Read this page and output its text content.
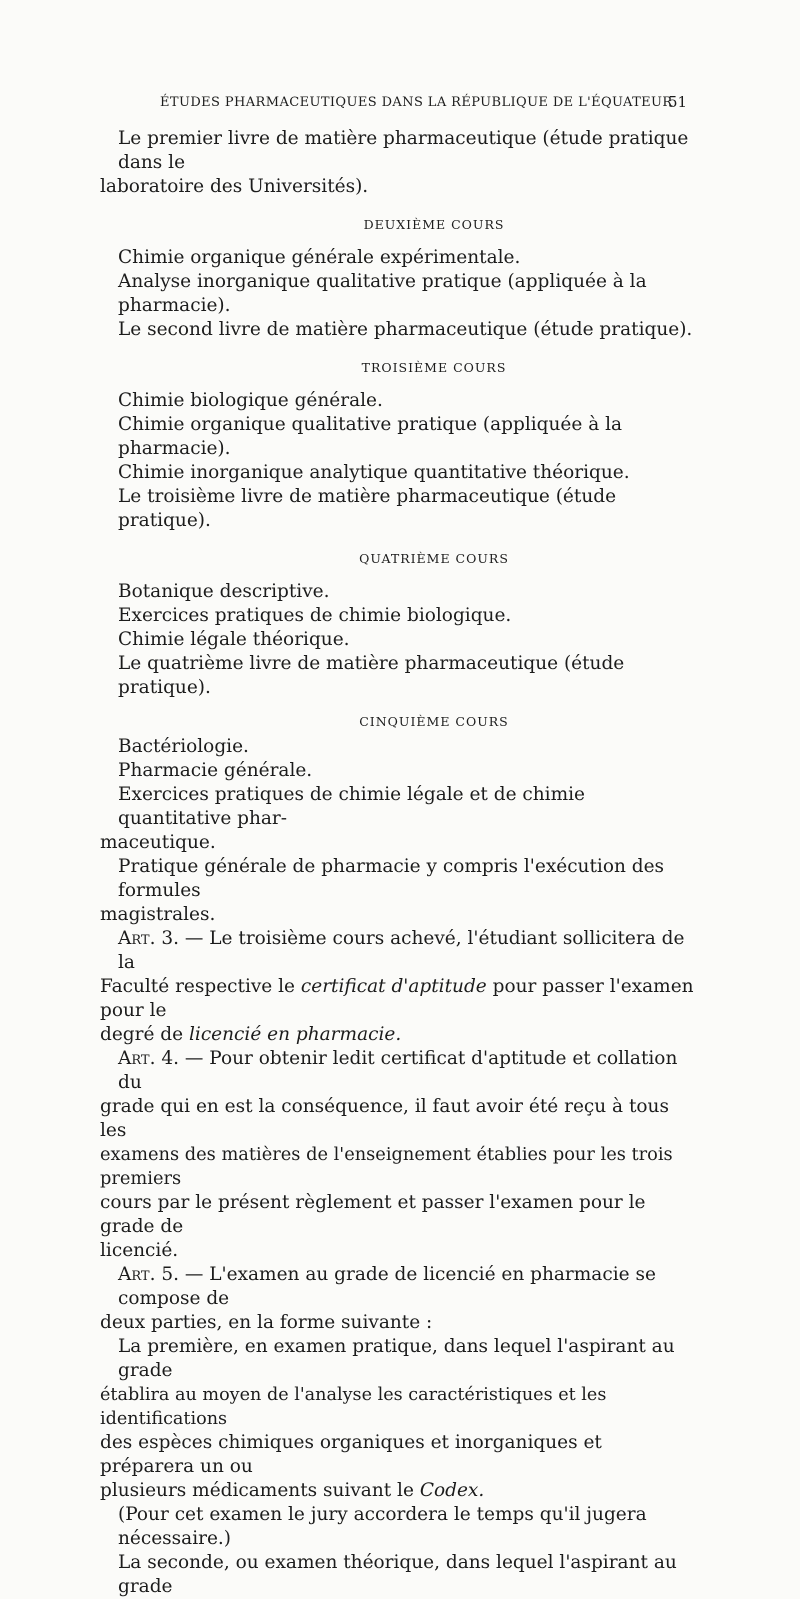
ÉTUDES PHARMACEUTIQUES DANS LA RÉPUBLIQUE DE L'ÉQUATEUR
51

Le premier livre de matière pharmaceutique (étude pratique dans le

laboratoire des Universités).

DEUXIÈME COURS

Chimie organique générale expérimentale.

Analyse inorganique qualitative pratique (appliquée à la pharmacie).

Le second livre de matière pharmaceutique (étude pratique).

TROISIÈME COURS

Chimie biologique générale.

Chimie organique qualitative pratique (appliquée à la pharmacie).

Chimie inorganique analytique quantitative théorique.

Le troisième livre de matière pharmaceutique (étude pratique).

QUATRIÈME COURS

Botanique descriptive.

Exercices pratiques de chimie biologique.

Chimie légale théorique.

Le quatrième livre de matière pharmaceutique (étude pratique).

CINQUIÈME COURS

Bactériologie.

Pharmacie générale.

Exercices pratiques de chimie légale et de chimie quantitative phar-

maceutique.

Pratique générale de pharmacie y compris l'exécution des formules

magistrales.

Art. 3. — Le troisième cours achevé, l'étudiant sollicitera de la

Faculté respective le certificat d'aptitude pour passer l'examen pour le

degré de licencié en pharmacie.

Art. 4. — Pour obtenir ledit certificat d'aptitude et collation du

grade qui en est la conséquence, il faut avoir été reçu à tous les

examens des matières de l'enseignement établies pour les trois premiers

cours par le présent règlement et passer l'examen pour le grade de

licencié.

Art. 5. — L'examen au grade de licencié en pharmacie se compose de

deux parties, en la forme suivante :

La première, en examen pratique, dans lequel l'aspirant au grade

établira au moyen de l'analyse les caractéristiques et les identifications

des espèces chimiques organiques et inorganiques et préparera un ou

plusieurs médicaments suivant le Codex.

(Pour cet examen le jury accordera le temps qu'il jugera nécessaire.)

La seconde, ou examen théorique, dans lequel l'aspirant au grade
